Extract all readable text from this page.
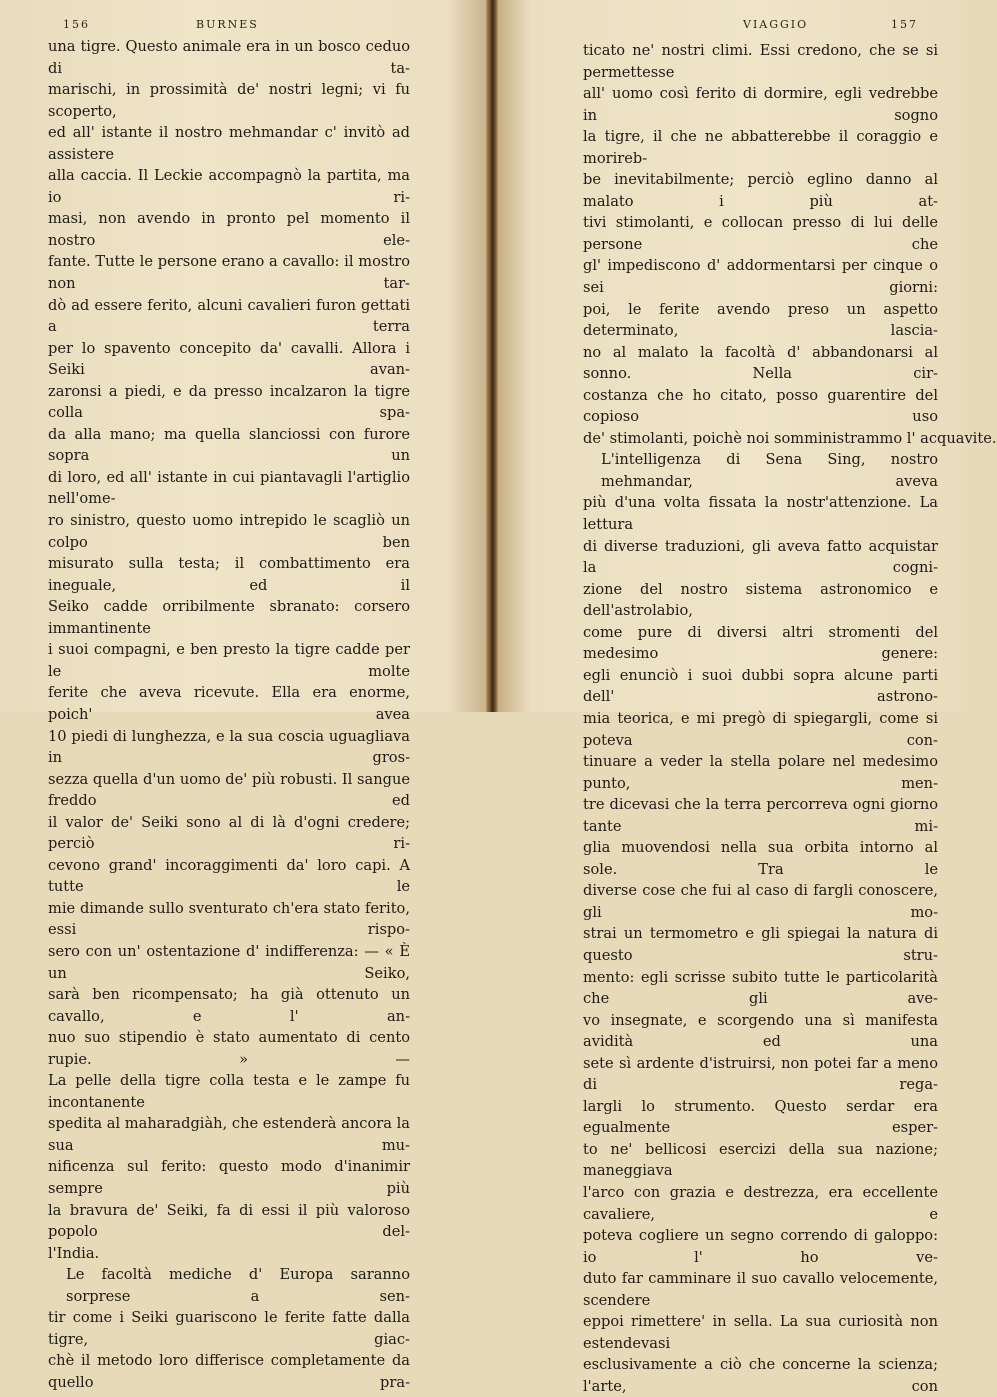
156	BURNES
una tigre. Questo animale era in un bosco ceduo di ta-
marischi, in prossimità de' nostri legni; vi fu scoperto,
ed all' istante il nostro mehmandar c' invitò ad assistere
alla caccia. Il Leckie accompagnò la partita, ma io ri-
masi, non avendo in pronto pel momento il nostro ele-
fante. Tutte le persone erano a cavallo: il mostro non tar-
dò ad essere ferito, alcuni cavalieri furon gettati a terra
per lo spavento concepito da' cavalli. Allora i Seiki avan-
zaronsi a piedi, e da presso incalzaron la tigre colla spa-
da alla mano; ma quella slanciossi con furore sopra un
di loro, ed all' istante in cui piantavagli l'artiglio nell'ome-
ro sinistro, questo uomo intrepido le scagliò un colpo ben
misurato sulla testa; il combattimento era ineguale, ed il
Seiko cadde orribilmente sbranato: corsero immantinente
i suoi compagni, e ben presto la tigre cadde per le molte
ferite che aveva ricevute. Ella era enorme, poich' avea
10 piedi di lunghezza, e la sua coscia uguagliava in gros-
sezza quella d'un uomo de' più robusti. Il sangue freddo ed
il valor de' Seiki sono al di là d'ogni credere; perciò ri-
cevono grand' incoraggimenti da' loro capi. A tutte le
mie dimande sullo sventurato ch'era stato ferito, essi rispo-
sero con un' ostentazione d' indifferenza: — « È un Seiko,
sarà ben ricompensato; ha già ottenuto un cavallo, e l' an-
nuo suo stipendio è stato aumentato di cento rupie. » —
La pelle della tigre colla testa e le zampe fu incontanente
spedita al maharadgiàh, che estenderà ancora la sua mu-
nificenza sul ferito: questo modo d'inanimir sempre più
la bravura de' Seiki, fa di essi il più valoroso popolo del-
l'India.
Le facoltà mediche d' Europa saranno sorprese a sen-
tir come i Seiki guariscono le ferite fatte dalla tigre, giac-
chè il metodo loro differisce completamente da quello pra-
VIAGGIO	157
ticato ne' nostri climi. Essi credono, che se si permettesse
all' uomo così ferito di dormire, egli vedrebbe in sogno
la tigre, il che ne abbatterebbe il coraggio e morireb-
be inevitabilmente; perciò eglino danno al malato i più at-
tivi stimolanti, e collocan presso di lui delle persone che
gl' impediscono d' addormentarsi per cinque o sei giorni:
poi, le ferite avendo preso un aspetto determinato, lascia-
no al malato la facoltà d' abbandonarsi al sonno. Nella cir-
costanza che ho citato, posso guarentire del copioso uso
de' stimolanti, poichè noi somministrammo l' acquavite.
L'intelligenza di Sena Sing, nostro mehmandar, aveva
più d'una volta fissata la nostr'attenzione. La lettura
di diverse traduzioni, gli aveva fatto acquistar la cogni-
zione del nostro sistema astronomico e dell'astrolabio,
come pure di diversi altri stromenti del medesimo genere:
egli enunciò i suoi dubbi sopra alcune parti dell' astrono-
mia teorica, e mi pregò di spiegargli, come si poteva con-
tinuare a veder la stella polare nel medesimo punto, men-
tre dicevasi che la terra percorreva ogni giorno tante mi-
glia muovendosi nella sua orbita intorno al sole. Tra le
diverse cose che fui al caso di fargli conoscere, gli mo-
strai un termometro e gli spiegai la natura di questo stru-
mento: egli scrisse subito tutte le particolarità che gli ave-
vo insegnate, e scorgendo una sì manifesta avidità ed una
sete sì ardente d'istruirsi, non potei far a meno di rega-
largli lo strumento. Questo serdar era egualmente esper-
to ne' bellicosi esercizi della sua nazione; maneggiava
l'arco con grazia e destrezza, era eccellente cavaliere, e
poteva cogliere un segno correndo di galoppo: io l' ho ve-
duto far camminare il suo cavallo velocemente, scendere
eppoi rimettere' in sella. La sua curiosità non estendevasi
esclusivamente a ciò che concerne la scienza; l'arte, con
